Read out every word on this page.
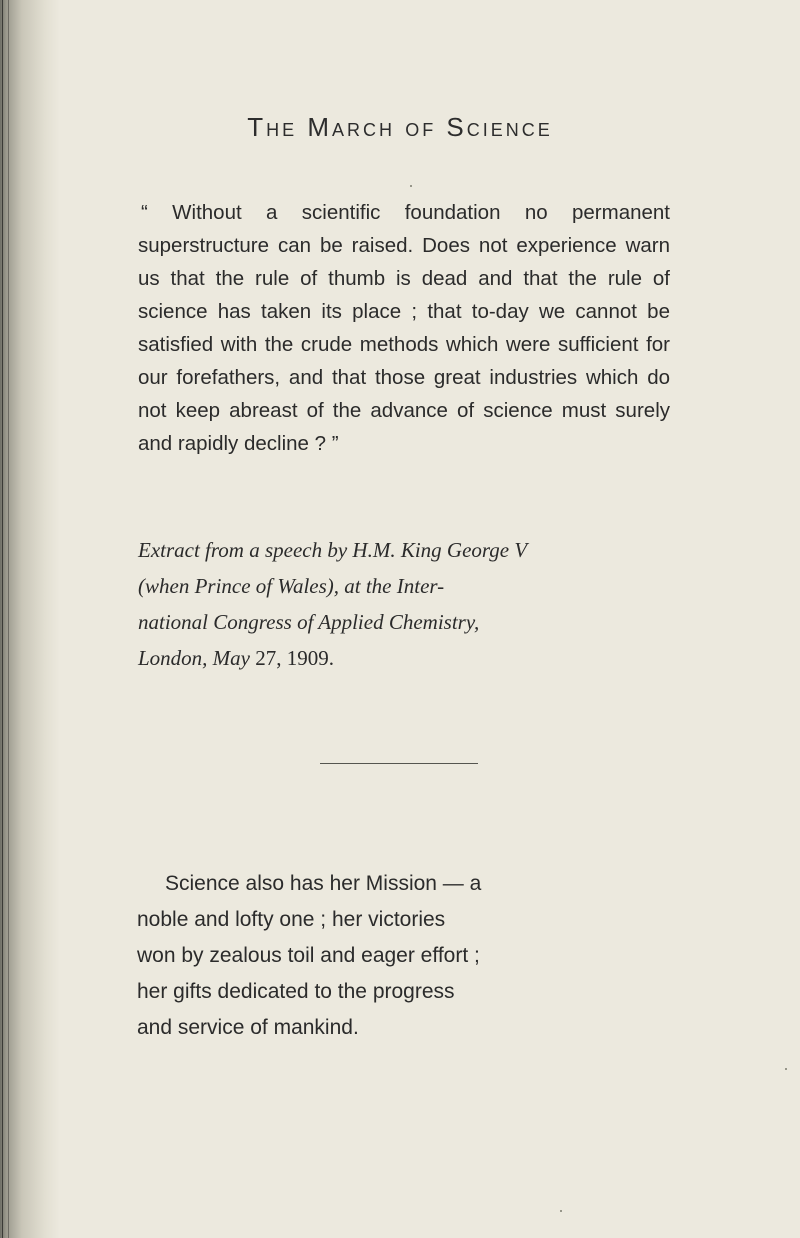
The March of Science

“ Without a scientific foundation no permanent superstructure can be raised. Does not experience warn us that the rule of thumb is dead and that the rule of science has taken its place ; that to-day we cannot be satisfied with the crude methods which were sufficient for our forefathers, and that those great industries which do not keep abreast of the advance of science must surely and rapidly decline ? ”

Extract from a speech by H.M. King George V
(when Prince of Wales), at the Inter-
national Congress of Applied Chemistry,
London, May 27, 1909.

Science also has her Mission — a
noble and lofty one ; her victories
won by zealous toil and eager effort ;
her gifts dedicated to the progress
and service of mankind.
